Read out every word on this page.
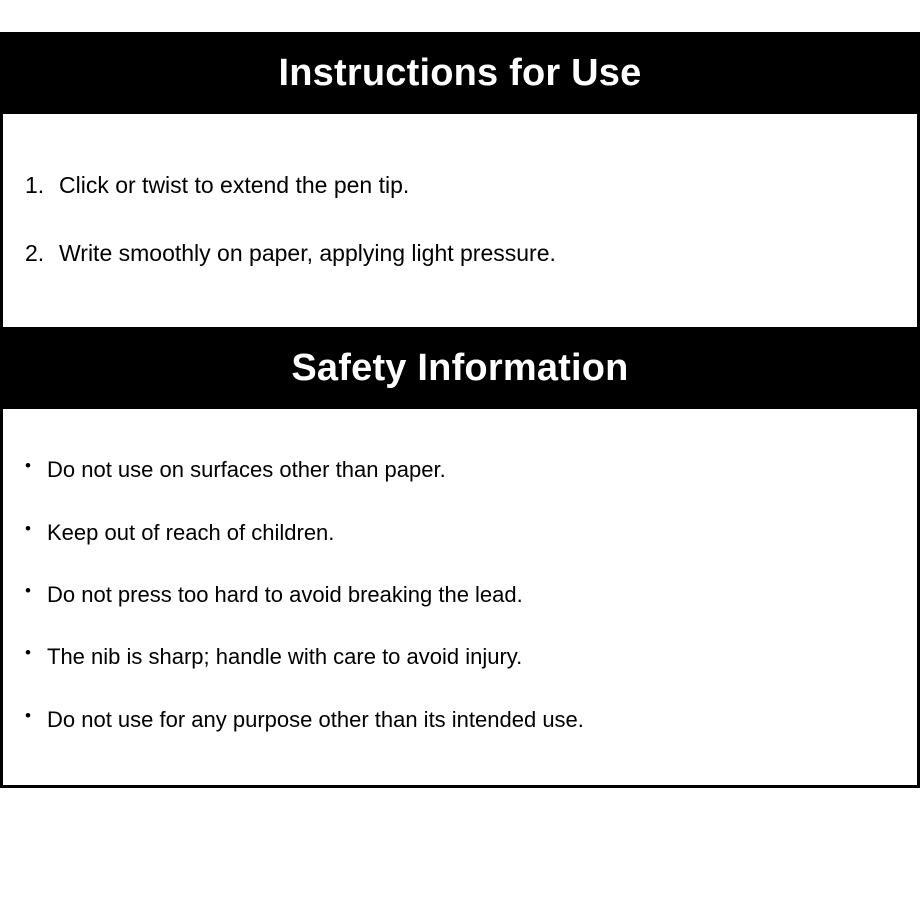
Instructions for Use
Click or twist to extend the pen tip.
Write smoothly on paper, applying light pressure.
Safety Information
• Do not use on surfaces other than paper.
• Keep out of reach of children.
• Do not press too hard to avoid breaking the lead.
• The nib is sharp; handle with care to avoid injury.
• Do not use for any purpose other than its intended use.
